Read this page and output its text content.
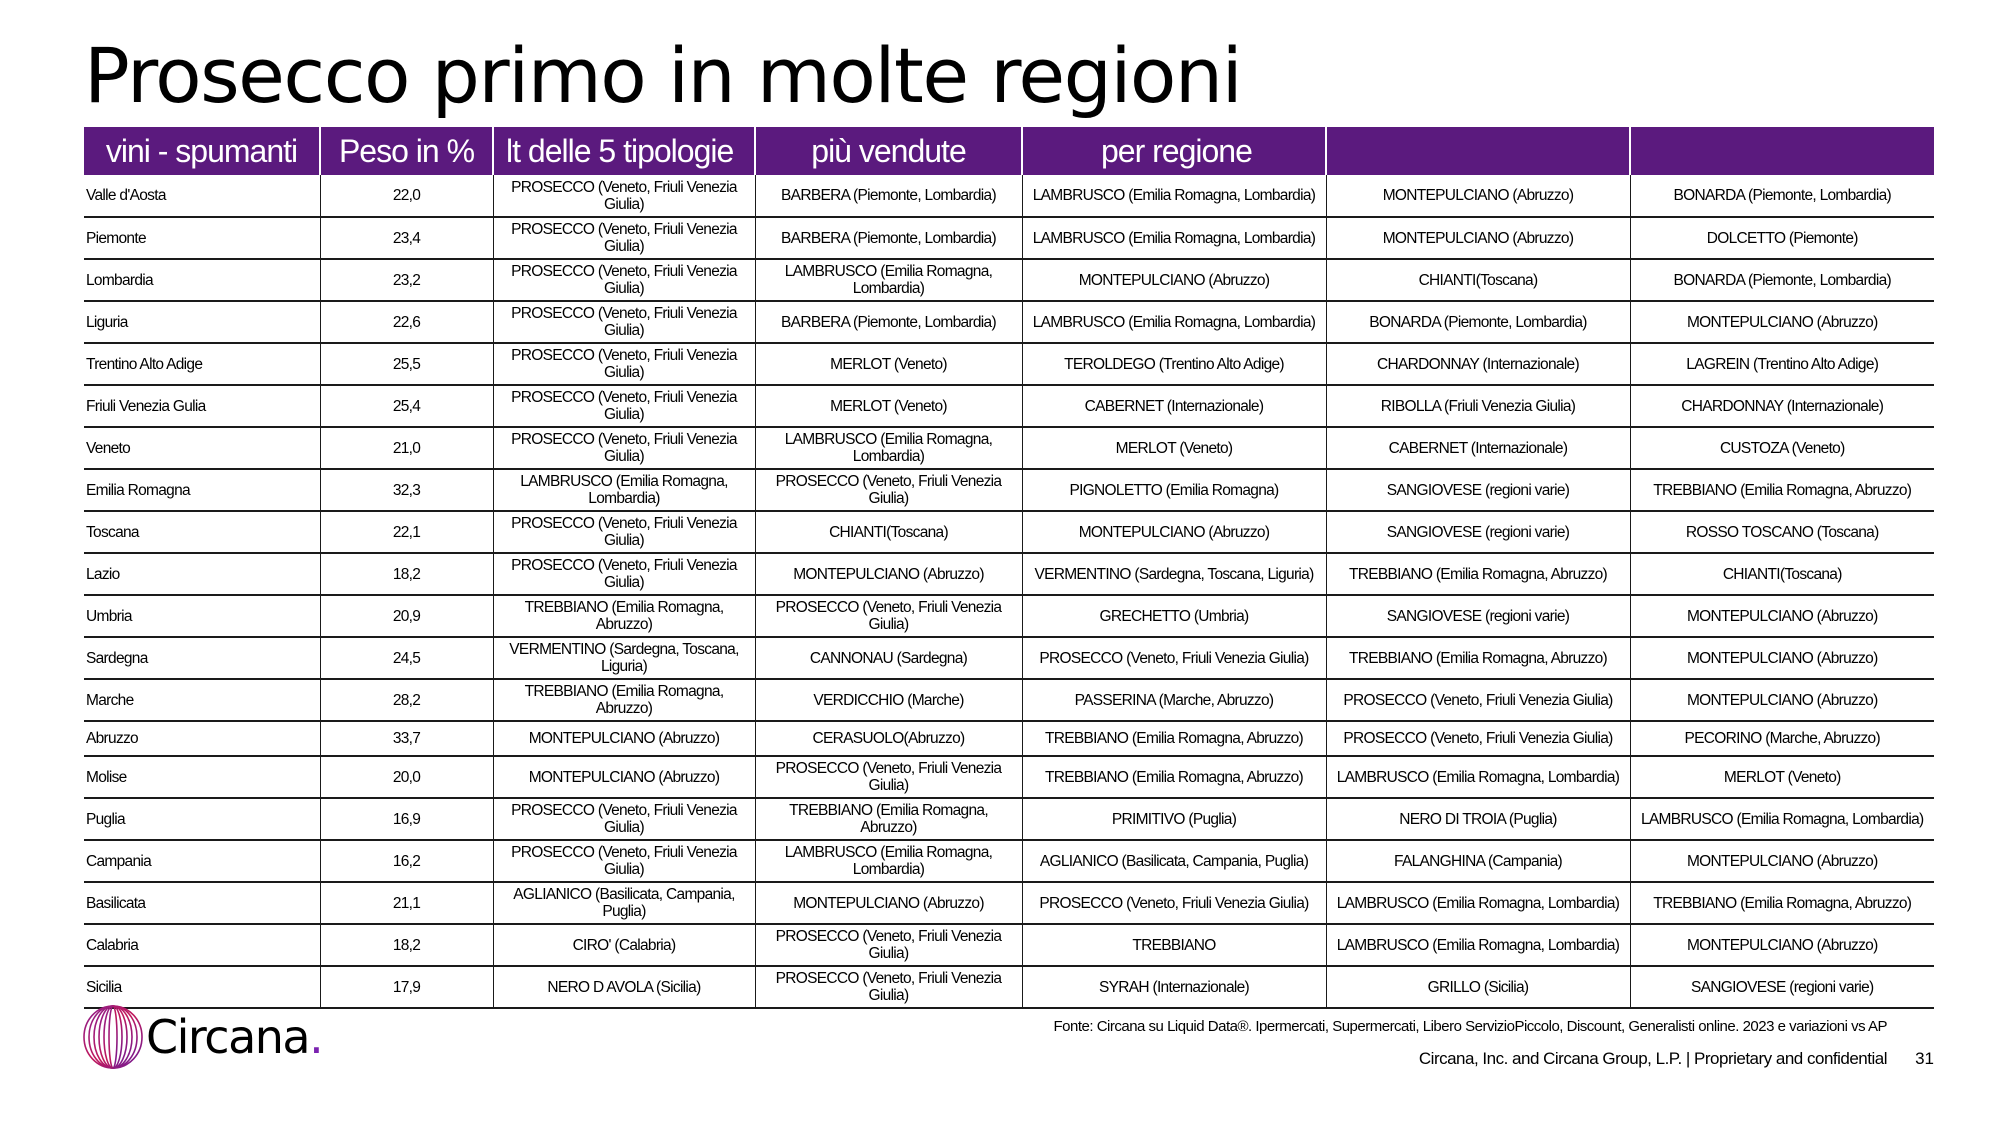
Prosecco primo in molte regioni
vini - spumanti	Peso in %	lt delle 5 tipologie	più vendute	per regione		
Valle d'Aosta	22,0	PROSECCO (Veneto, Friuli Venezia Giulia)	BARBERA (Piemonte, Lombardia)	LAMBRUSCO (Emilia Romagna, Lombardia)	MONTEPULCIANO (Abruzzo)	BONARDA (Piemonte, Lombardia)
Piemonte	23,4	PROSECCO (Veneto, Friuli Venezia Giulia)	BARBERA (Piemonte, Lombardia)	LAMBRUSCO (Emilia Romagna, Lombardia)	MONTEPULCIANO (Abruzzo)	DOLCETTO (Piemonte)
Lombardia	23,2	PROSECCO (Veneto, Friuli Venezia Giulia)	LAMBRUSCO (Emilia Romagna, Lombardia)	MONTEPULCIANO (Abruzzo)	CHIANTI(Toscana)	BONARDA (Piemonte, Lombardia)
Liguria	22,6	PROSECCO (Veneto, Friuli Venezia Giulia)	BARBERA (Piemonte, Lombardia)	LAMBRUSCO (Emilia Romagna, Lombardia)	BONARDA (Piemonte, Lombardia)	MONTEPULCIANO (Abruzzo)
Trentino Alto Adige	25,5	PROSECCO (Veneto, Friuli Venezia Giulia)	MERLOT (Veneto)	TEROLDEGO (Trentino Alto Adige)	CHARDONNAY (Internazionale)	LAGREIN (Trentino Alto Adige)
Friuli Venezia Gulia	25,4	PROSECCO (Veneto, Friuli Venezia Giulia)	MERLOT (Veneto)	CABERNET (Internazionale)	RIBOLLA (Friuli Venezia Giulia)	CHARDONNAY (Internazionale)
Veneto	21,0	PROSECCO (Veneto, Friuli Venezia Giulia)	LAMBRUSCO (Emilia Romagna, Lombardia)	MERLOT (Veneto)	CABERNET (Internazionale)	CUSTOZA (Veneto)
Emilia Romagna	32,3	LAMBRUSCO (Emilia Romagna, Lombardia)	PROSECCO (Veneto, Friuli Venezia Giulia)	PIGNOLETTO (Emilia Romagna)	SANGIOVESE (regioni varie)	TREBBIANO (Emilia Romagna, Abruzzo)
Toscana	22,1	PROSECCO (Veneto, Friuli Venezia Giulia)	CHIANTI(Toscana)	MONTEPULCIANO (Abruzzo)	SANGIOVESE (regioni varie)	ROSSO TOSCANO (Toscana)
Lazio	18,2	PROSECCO (Veneto, Friuli Venezia Giulia)	MONTEPULCIANO (Abruzzo)	VERMENTINO (Sardegna, Toscana, Liguria)	TREBBIANO (Emilia Romagna, Abruzzo)	CHIANTI(Toscana)
Umbria	20,9	TREBBIANO (Emilia Romagna, Abruzzo)	PROSECCO (Veneto, Friuli Venezia Giulia)	GRECHETTO (Umbria)	SANGIOVESE (regioni varie)	MONTEPULCIANO (Abruzzo)
Sardegna	24,5	VERMENTINO (Sardegna, Toscana, Liguria)	CANNONAU (Sardegna)	PROSECCO (Veneto, Friuli Venezia Giulia)	TREBBIANO (Emilia Romagna, Abruzzo)	MONTEPULCIANO (Abruzzo)
Marche	28,2	TREBBIANO (Emilia Romagna, Abruzzo)	VERDICCHIO (Marche)	PASSERINA (Marche, Abruzzo)	PROSECCO (Veneto, Friuli Venezia Giulia)	MONTEPULCIANO (Abruzzo)
Abruzzo	33,7	MONTEPULCIANO (Abruzzo)	CERASUOLO(Abruzzo)	TREBBIANO (Emilia Romagna, Abruzzo)	PROSECCO (Veneto, Friuli Venezia Giulia)	PECORINO (Marche, Abruzzo)
Molise	20,0	MONTEPULCIANO (Abruzzo)	PROSECCO (Veneto, Friuli Venezia Giulia)	TREBBIANO (Emilia Romagna, Abruzzo)	LAMBRUSCO (Emilia Romagna, Lombardia)	MERLOT (Veneto)
Puglia	16,9	PROSECCO (Veneto, Friuli Venezia Giulia)	TREBBIANO (Emilia Romagna, Abruzzo)	PRIMITIVO (Puglia)	NERO DI TROIA (Puglia)	LAMBRUSCO (Emilia Romagna, Lombardia)
Campania	16,2	PROSECCO (Veneto, Friuli Venezia Giulia)	LAMBRUSCO (Emilia Romagna, Lombardia)	AGLIANICO (Basilicata, Campania, Puglia)	FALANGHINA (Campania)	MONTEPULCIANO (Abruzzo)
Basilicata	21,1	AGLIANICO (Basilicata, Campania, Puglia)	MONTEPULCIANO (Abruzzo)	PROSECCO (Veneto, Friuli Venezia Giulia)	LAMBRUSCO (Emilia Romagna, Lombardia)	TREBBIANO (Emilia Romagna, Abruzzo)
Calabria	18,2	CIRO' (Calabria)	PROSECCO (Veneto, Friuli Venezia Giulia)	TREBBIANO	LAMBRUSCO (Emilia Romagna, Lombardia)	MONTEPULCIANO (Abruzzo)
Sicilia	17,9	NERO D AVOLA (Sicilia)	PROSECCO (Veneto, Friuli Venezia Giulia)	SYRAH (Internazionale)	GRILLO (Sicilia)	SANGIOVESE (regioni varie)
Fonte: Circana su Liquid Data®. Ipermercati, Supermercati, Libero ServizioPiccolo, Discount, Generalisti online. 2023 e variazioni vs AP
Circana.	Circana, Inc. and Circana Group, L.P. | Proprietary and confidential 31
